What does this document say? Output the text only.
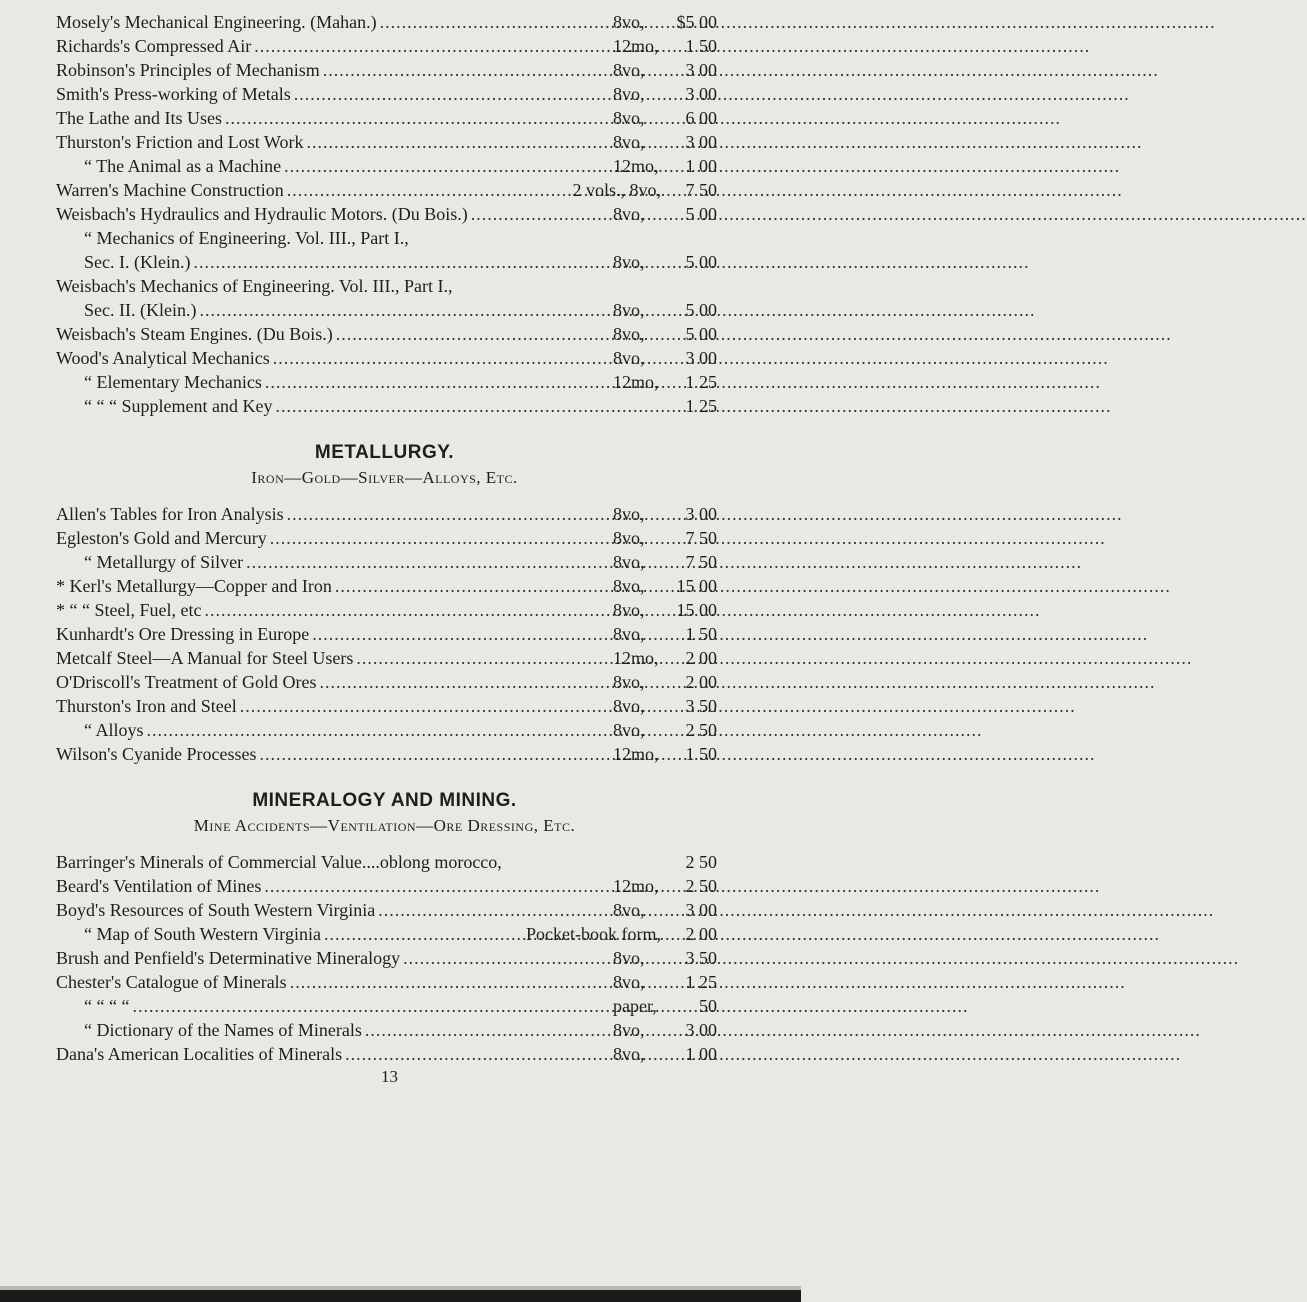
Mosely's Mechanical Engineering. (Mahan.) .....	8vo,	$5 00
Richards's Compressed Air .....	12mo,	1 50
Robinson's Principles of Mechanism .....	8vo,	3 00
Smith's Press-working of Metals .....	8vo,	3 00
The Lathe and Its Uses .....	8vo,	6 00
Thurston's Friction and Lost Work .....	8vo,	3 00
“ The Animal as a Machine .....	12mo,	1 00
Warren's Machine Construction .....	2 vols., 8vo,	7 50
Weisbach's Hydraulics and Hydraulic Motors. (Du Bois.) .....	8vo,	5 00
“ Mechanics of Engineering. Vol. III., Part I.,
Sec. I. (Klein.) .....	8vo,	5 00
Weisbach's Mechanics of Engineering. Vol. III., Part I.,
Sec. II. (Klein.) .....	8vo,	5 00
Weisbach's Steam Engines. (Du Bois.) .....	8vo,	5 00
Wood's Analytical Mechanics .....	8vo,	3 00
“ Elementary Mechanics .....	12mo,	1 25
“ “ “ Supplement and Key .....	1 25
METALLURGY.
Iron—Gold—Silver—Alloys, Etc.
Allen's Tables for Iron Analysis .....	8vo,	3 00
Egleston's Gold and Mercury .....	8vo,	7 50
“ Metallurgy of Silver .....	8vo,	7 50
* Kerl's Metallurgy—Copper and Iron .....	8vo,	15 00
* “ “ Steel, Fuel, etc .....	8vo,	15 00
Kunhardt's Ore Dressing in Europe .....	8vo,	1 50
Metcalf Steel—A Manual for Steel Users .....	12mo,	2 00
O'Driscoll's Treatment of Gold Ores .....	8vo,	2 00
Thurston's Iron and Steel .....	8vo,	3 50
“ Alloys .....	8vo,	2 50
Wilson's Cyanide Processes .....	12mo,	1 50
MINERALOGY AND MINING.
Mine Accidents—Ventilation—Ore Dressing, Etc.
Barringer's Minerals of Commercial Value....oblong morocco,	2 50
Beard's Ventilation of Mines .....	12mo,	2 50
Boyd's Resources of South Western Virginia .....	8vo,	3 00
“ Map of South Western Virginia .....	Pocket-book form,	2 00
Brush and Penfield's Determinative Mineralogy .....	8vo,	3 50
Chester's Catalogue of Minerals .....	8vo,	1 25
“ “ “ “ .....	paper,	50
“ Dictionary of the Names of Minerals .....	8vo,	3 00
Dana's American Localities of Minerals .....	8vo,	1 00
13
